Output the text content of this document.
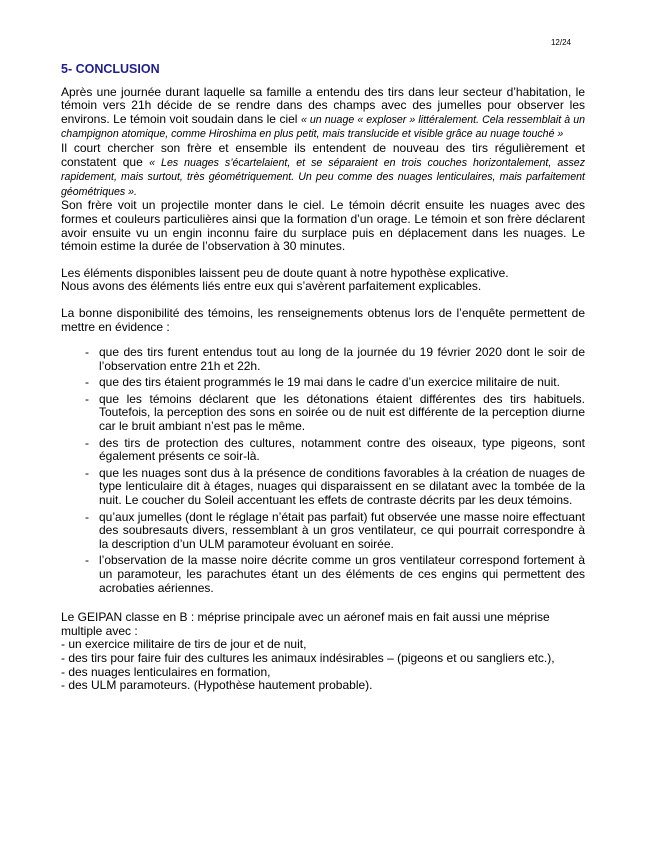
12/24
5- CONCLUSION

Après une journée durant laquelle sa famille a entendu des tirs dans leur secteur d’habitation, le témoin vers 21h décide de se rendre dans des champs avec des jumelles pour observer les environs. Le témoin voit soudain dans le ciel « un nuage « exploser » littéralement. Cela ressemblait à un champignon atomique, comme Hiroshima en plus petit, mais translucide et visible grâce au nuage touché »
Il court chercher son frère et ensemble ils entendent de nouveau des tirs régulièrement et constatent que « Les nuages s’écartelaient, et se séparaient en trois couches horizontalement, assez rapidement, mais surtout, très géométriquement. Un peu comme des nuages lenticulaires, mais parfaitement géométriques ».
Son frère voit un projectile monter dans le ciel. Le témoin décrit ensuite les nuages avec des formes et couleurs particulières ainsi que la formation d’un orage. Le témoin et son frère déclarent avoir ensuite vu un engin inconnu faire du surplace puis en déplacement dans les nuages. Le témoin estime la durée de l’observation à 30 minutes.

Les éléments disponibles laissent peu de doute quant à notre hypothèse explicative.
Nous avons des éléments liés entre eux qui s’avèrent parfaitement explicables.

La bonne disponibilité des témoins, les renseignements obtenus lors de l’enquête permettent de mettre en évidence :

- que des tirs furent entendus tout au long de la journée du 19 février 2020 dont le soir de l’observation entre 21h et 22h.
- que des tirs étaient programmés le 19 mai dans le cadre d’un exercice militaire de nuit.
- que les témoins déclarent que les détonations étaient différentes des tirs habituels. Toutefois, la perception des sons en soirée ou de nuit est différente de la perception diurne car le bruit ambiant n’est pas le même.
- des tirs de protection des cultures, notamment contre des oiseaux, type pigeons, sont également présents ce soir-là.
- que les nuages sont dus à la présence de conditions favorables à la création de nuages de type lenticulaire dit à étages, nuages qui disparaissent en se dilatant avec la tombée de la nuit. Le coucher du Soleil accentuant les effets de contraste décrits par les deux témoins.
- qu’aux jumelles (dont le réglage n’était pas parfait) fut observée une masse noire effectuant des soubresauts divers, ressemblant à un gros ventilateur, ce qui pourrait correspondre à la description d’un ULM paramoteur évoluant en soirée.
- l’observation de la masse noire décrite comme un gros ventilateur correspond fortement à un paramoteur, les parachutes étant un des éléments de ces engins qui permettent des acrobaties aériennes.
Le GEIPAN classe en B : méprise principale avec un aéronef mais en fait aussi une méprise multiple avec :
- un exercice militaire de tirs de jour et de nuit,
- des tirs pour faire fuir des cultures les animaux indésirables – (pigeons et ou sangliers etc.),
- des nuages lenticulaires en formation,
- des ULM paramoteurs. (Hypothèse hautement probable).
